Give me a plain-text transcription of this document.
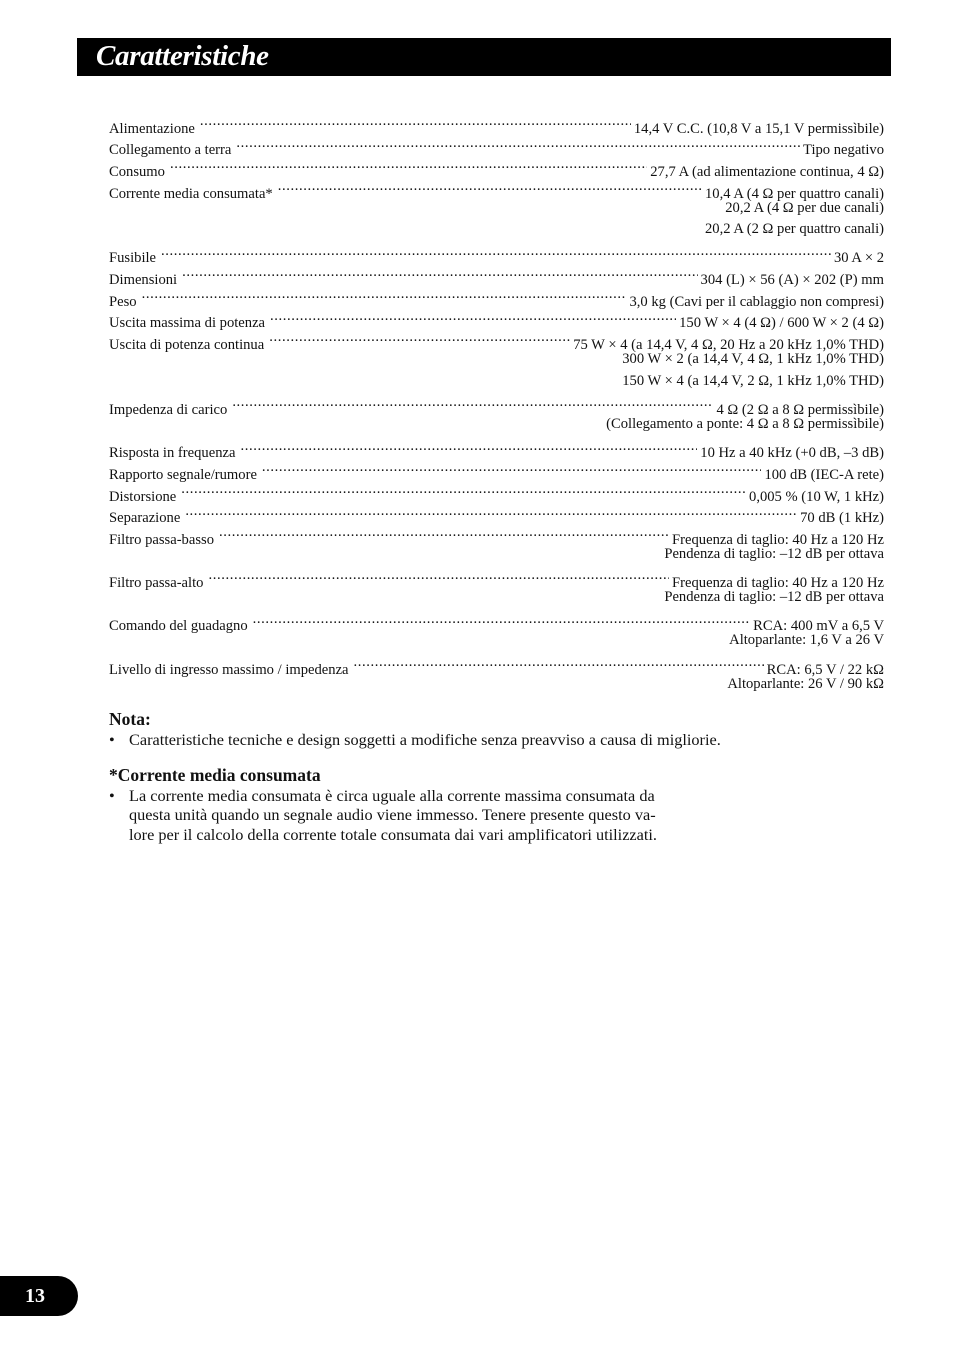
Caratteristiche
Alimentazione .....	14,4 V C.C. (10,8 V a 15,1 V permissìbile)
Collegamento a terra .....	Tipo negativo
Consumo .....	27,7 A (ad alimentazione continua, 4 Ω)
Corrente media consumata* .....	10,4 A (4 Ω per quattro canali)
20,2 A (4 Ω per due canali)
20,2 A (2 Ω per quattro canali)
Fusibile .....	30 A × 2
Dimensioni .....	304 (L) × 56 (A) × 202 (P) mm
Peso .....	3,0 kg (Cavi per il cablaggio non compresi)
Uscita massima di potenza .....	150 W × 4 (4 Ω) / 600 W × 2 (4 Ω)
Uscita di potenza continua .....	75 W × 4 (a 14,4 V, 4 Ω, 20 Hz a 20 kHz 1,0% THD)
300 W × 2 (a 14,4 V, 4 Ω, 1 kHz 1,0% THD)
150 W × 4 (a 14,4 V, 2 Ω, 1 kHz 1,0% THD)
Impedenza di carico .....	4 Ω (2 Ω a 8 Ω permissìbile)
(Collegamento a ponte: 4 Ω a 8 Ω permissìbile)
Risposta in frequenza .....	10 Hz a 40 kHz (+0 dB, –3 dB)
Rapporto segnale/rumore .....	100 dB (IEC-A rete)
Distorsione .....	0,005 % (10 W, 1 kHz)
Separazione .....	70 dB (1 kHz)
Filtro passa-basso .....	Frequenza di taglio: 40 Hz a 120 Hz
Pendenza di taglio: –12 dB per ottava
Filtro passa-alto .....	Frequenza di taglio: 40 Hz a 120 Hz
Pendenza di taglio: –12 dB per ottava
Comando del guadagno .....	RCA: 400 mV a 6,5 V
Altoparlante: 1,6 V a 26 V
Livello di ingresso massimo / impedenza .....	RCA: 6,5 V / 22 kΩ
Altoparlante: 26 V / 90 kΩ
Nota:
• Caratteristiche tecniche e design soggetti a modifiche senza preavviso a causa di migliorie.
*Corrente media consumata
• La corrente media consumata è circa uguale alla corrente massima consumata da
questa unità quando un segnale audio viene immesso. Tenere presente questo va-
lore per il calcolo della corrente totale consumata dai vari amplificatori utilizzati.
13
